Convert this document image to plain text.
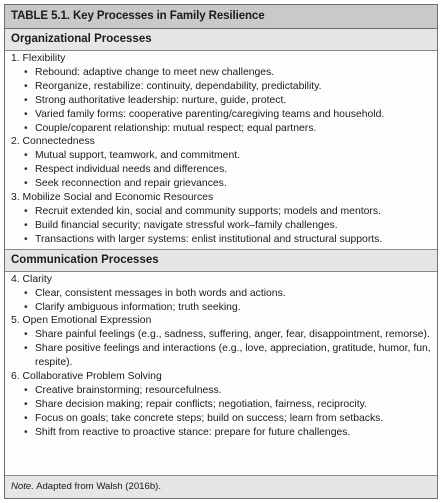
TABLE 5.1. Key Processes in Family Resilience
Organizational Processes
1. Flexibility
• Rebound: adaptive change to meet new challenges.
• Reorganize, restabilize: continuity, dependability, predictability.
• Strong authoritative leadership: nurture, guide, protect.
• Varied family forms: cooperative parenting/caregiving teams and household.
• Couple/coparent relationship: mutual respect; equal partners.
2. Connectedness
• Mutual support, teamwork, and commitment.
• Respect individual needs and differences.
• Seek reconnection and repair grievances.
3. Mobilize Social and Economic Resources
• Recruit extended kin, social and community supports; models and mentors.
• Build financial security; navigate stressful work–family challenges.
• Transactions with larger systems: enlist institutional and structural supports.
Communication Processes
4. Clarity
• Clear, consistent messages in both words and actions.
• Clarify ambiguous information; truth seeking.
5. Open Emotional Expression
• Share painful feelings (e.g., sadness, suffering, anger, fear, disappointment, remorse).
• Share positive feelings and interactions (e.g., love, appreciation, gratitude, humor, fun, respite).
6. Collaborative Problem Solving
• Creative brainstorming; resourcefulness.
• Share decision making; repair conflicts; negotiation, fairness, reciprocity.
• Focus on goals; take concrete steps; build on success; learn from setbacks.
• Shift from reactive to proactive stance: prepare for future challenges.
Note. Adapted from Walsh (2016b).
